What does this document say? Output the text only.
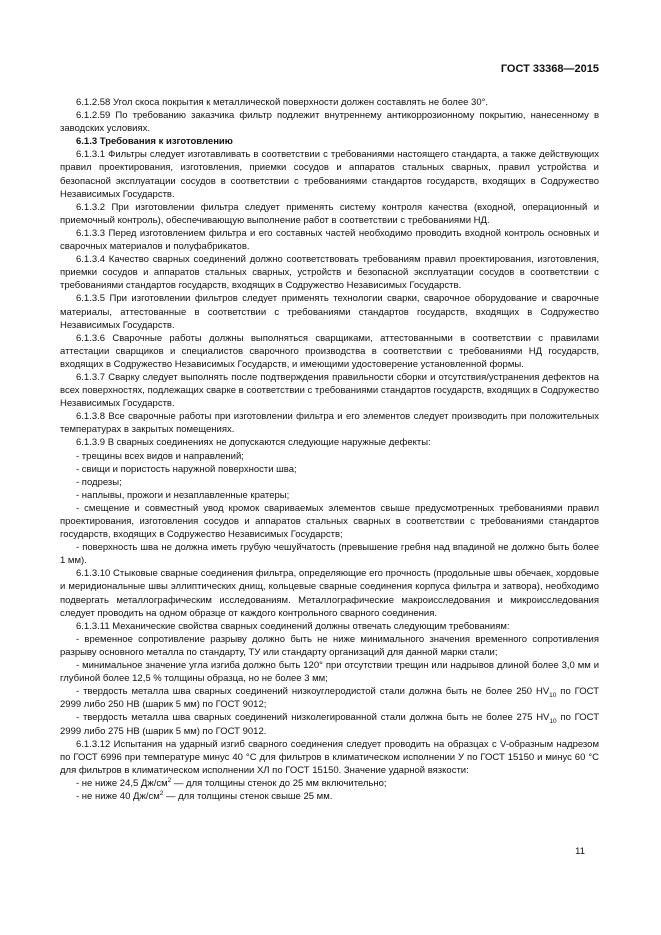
ГОСТ 33368—2015

6.1.2.58 Угол скоса покрытия к металлической поверхности должен составлять не более 30°.

6.1.2.59 По требованию заказчика фильтр подлежит внутреннему антикоррозионному покрытию, нанесенному в заводских условиях.

6.1.3 Требования к изготовлению

6.1.3.1 Фильтры следует изготавливать в соответствии с требованиями настоящего стандарта, а также действующих правил проектирования, изготовления, приемки сосудов и аппаратов стальных сварных, правил устройства и безопасной эксплуатации сосудов в соответствии с требованиями стандартов государств, входящих в Содружество Независимых Государств.

6.1.3.2 При изготовлении фильтра следует применять систему контроля качества (входной, операционный и приемочный контроль), обеспечивающую выполнение работ в соответствии с требованиями НД.

6.1.3.3 Перед изготовлением фильтра и его составных частей необходимо проводить входной контроль основных и сварочных материалов и полуфабрикатов.

6.1.3.4 Качество сварных соединений должно соответствовать требованиям правил проектирования, изготовления, приемки сосудов и аппаратов стальных сварных, устройств и безопасной эксплуатации сосудов в соответствии с требованиями стандартов государств, входящих в Содружество Независимых Государств.

6.1.3.5 При изготовлении фильтров следует применять технологии сварки, сварочное оборудование и сварочные материалы, аттестованные в соответствии с требованиями стандартов государств, входящих в Содружество Независимых Государств.

6.1.3.6 Сварочные работы должны выполняться сварщиками, аттестованными в соответствии с правилами аттестации сварщиков и специалистов сварочного производства в соответствии с требованиями НД государств, входящих в Содружество Независимых Государств, и имеющими удостоверение установленной формы.

6.1.3.7 Сварку следует выполнять после подтверждения правильности сборки и отсутствия/устранения дефектов на всех поверхностях, подлежащих сварке в соответствии с требованиями стандартов государств, входящих в Содружество Независимых Государств.

6.1.3.8 Все сварочные работы при изготовлении фильтра и его элементов следует производить при положительных температурах в закрытых помещениях.

6.1.3.9 В сварных соединениях не допускаются следующие наружные дефекты:

- трещины всех видов и направлений;

- свищи и пористость наружной поверхности шва;

- подрезы;

- наплывы, прожоги и незаплавленные кратеры;

- смещение и совместный увод кромок свариваемых элементов свыше предусмотренных требованиями правил проектирования, изготовления сосудов и аппаратов стальных сварных в соответствии с требованиями стандартов государств, входящих в Содружество Независимых Государств;

- поверхность шва не должна иметь грубую чешуйчатость (превышение гребня над впадиной не должно быть более 1 мм).

6.1.3.10 Стыковые сварные соединения фильтра, определяющие его прочность (продольные швы обечаек, хордовые и меридиональные швы эллиптических днищ, кольцевые сварные соединения корпуса фильтра и затвора), необходимо подвергать металлографическим исследованиям. Металлографические макроисследования и микроисследования следует проводить на одном образце от каждого контрольного сварного соединения.

6.1.3.11 Механические свойства сварных соединений должны отвечать следующим требованиям:

- временное сопротивление разрыву должно быть не ниже минимального значения временного сопротивления разрыву основного металла по стандарту, ТУ или стандарту организаций для данной марки стали;

- минимальное значение угла изгиба должно быть 120° при отсутствии трещин или надрывов длиной более 3,0 мм и глубиной более 12,5 % толщины образца, но не более 3 мм;

- твердость металла шва сварных соединений низкоуглеродистой стали должна быть не более 250 $HV_{10}$ по ГОСТ 2999 либо 250 HB (шарик 5 мм) по ГОСТ 9012;

- твердость металла шва сварных соединений низколегированной стали должна быть не более 275 $HV_{10}$ по ГОСТ 2999 либо 275 HB (шарик 5 мм) по ГОСТ 9012.

6.1.3.12 Испытания на ударный изгиб сварного соединения следует проводить на образцах с V-образным надрезом по ГОСТ 6996 при температуре минус 40 °С для фильтров в климатическом исполнении У по ГОСТ 15150 и минус 60 °С для фильтров в климатическом исполнении ХЛ по ГОСТ 15150. Значение ударной вязкости:

- не ниже 24,5 $Дж/см^2$ — для толщины стенок до 25 мм включительно;

- не ниже 40 $Дж/см^2$ — для толщины стенок свыше 25 мм.

11
